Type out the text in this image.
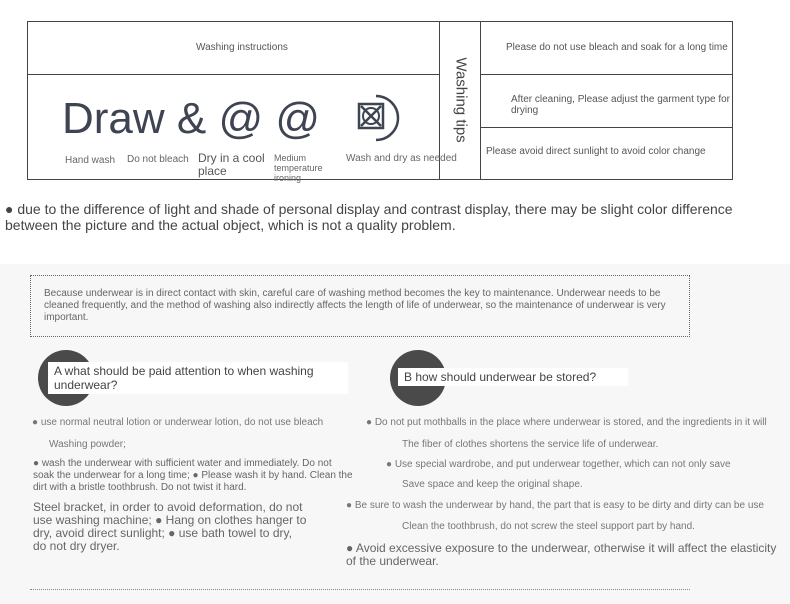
Washing instructions
Draw & @ @
Hand wash Do not bleach Dry in a cool place
Medium temperature ironing
Wash and dry as needed
Washing tips
Please do not use bleach and soak for a long time
After cleaning, Please adjust the garment type for drying
Please avoid direct sunlight to avoid color change
● due to the difference of light and shade of personal display and contrast display, there may be slight color difference between the picture and the actual object, which is not a quality problem.
Because underwear is in direct contact with skin, careful care of washing method becomes the key to maintenance. Underwear needs to be cleaned frequently, and the method of washing also indirectly affects the length of life of underwear, so the maintenance of underwear is very important.
A what should be paid attention to when washing underwear?
B how should underwear be stored?
● use normal neutral lotion or underwear lotion, do not use bleach
Washing powder;
● wash the underwear with sufficient water and immediately. Do not soak the underwear for a long time; ● Please wash it by hand. Clean the dirt with a bristle toothbrush. Do not twist it hard.
Steel bracket, in order to avoid deformation, do not use washing machine; ● Hang on clothes hanger to dry, avoid direct sunlight; ● use bath towel to dry, do not dry dryer.
● Do not put mothballs in the place where underwear is stored, and the ingredients in it will
The fiber of clothes shortens the service life of underwear.
● Use special wardrobe, and put underwear together, which can not only save
Save space and keep the original shape.
● Be sure to wash the underwear by hand, the part that is easy to be dirty and dirty can be use
Clean the toothbrush, do not screw the steel support part by hand.
● Avoid excessive exposure to the underwear, otherwise it will affect the elasticity of the underwear.
